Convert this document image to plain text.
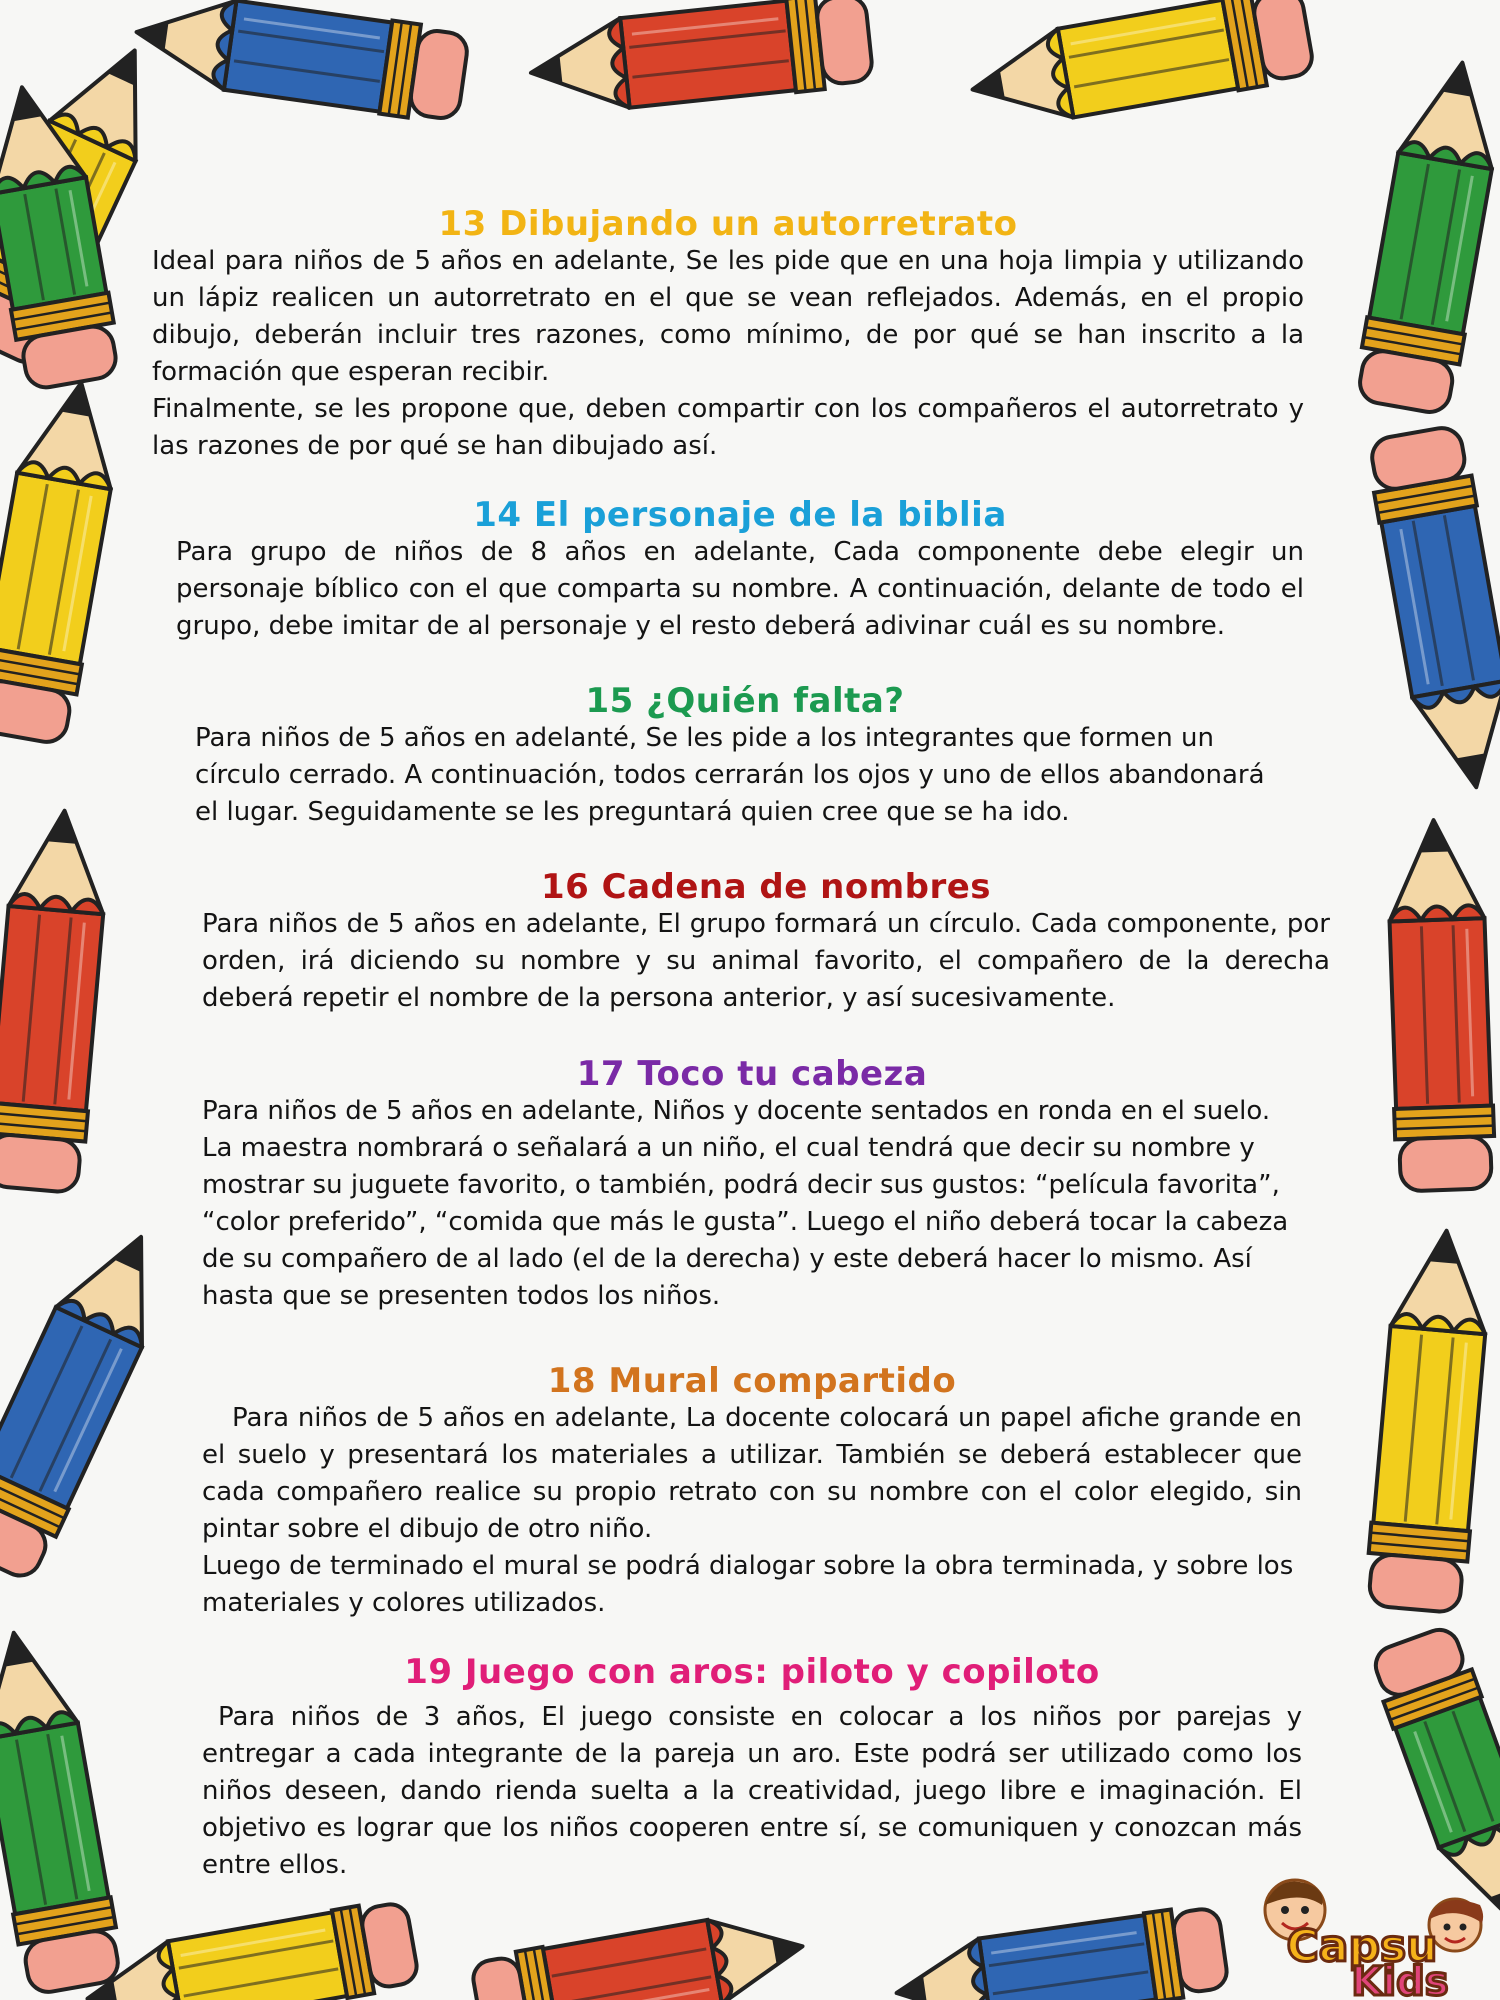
13 Dibujando un autorretrato

Ideal para niños de 5 años en adelante, Se les pide que en una hoja limpia y utilizando un lápiz realicen un autorretrato en el que se vean reflejados. Además, en el propio dibujo, deberán incluir tres razones, como mínimo, de por qué se han inscrito a la formación que esperan recibir.

Finalmente, se les propone que, deben compartir con los compañeros el autorretrato y las razones de por qué se han dibujado así.

14 El personaje de la biblia

Para grupo de niños de 8 años en adelante, Cada componente debe elegir un personaje bíblico con el que comparta su nombre. A continuación, delante de todo el grupo, debe imitar de al personaje y el resto deberá adivinar cuál es su nombre.

15 ¿Quién falta?

Para niños de 5 años en adelanté, Se les pide a los integrantes que formen un círculo cerrado. A continuación, todos cerrarán los ojos y uno de ellos abandonará el lugar. Seguidamente se les preguntará quien cree que se ha ido.

16 Cadena de nombres

Para niños de 5 años en adelante, El grupo formará un círculo. Cada componente, por orden, irá diciendo su nombre y su animal favorito, el compañero de la derecha deberá repetir el nombre de la persona anterior, y así sucesivamente.

17 Toco tu cabeza

Para niños de 5 años en adelante, Niños y docente sentados en ronda en el suelo. La maestra nombrará o señalará a un niño, el cual tendrá que decir su nombre y mostrar su juguete favorito, o también, podrá decir sus gustos: “película favorita”, “color preferido”, “comida que más le gusta”. Luego el niño deberá tocar la cabeza de su compañero de al lado (el de la derecha) y este deberá hacer lo mismo. Así hasta que se presenten todos los niños.

18 Mural compartido

Para niños de 5 años en adelante, La docente colocará un papel afiche grande en el suelo y presentará los materiales a utilizar. También se deberá establecer que cada compañero realice su propio retrato con su nombre con el color elegido, sin pintar sobre el dibujo de otro niño.

Luego de terminado el mural se podrá dialogar sobre la obra terminada, y sobre los materiales y colores utilizados.

19 Juego con aros: piloto y copiloto

Para niños de 3 años, El juego consiste en colocar a los niños por parejas y entregar a cada integrante de la pareja un aro. Este podrá ser utilizado como los niños deseen, dando rienda suelta a la creatividad, juego libre e imaginación. El objetivo es lograr que los niños cooperen entre sí, se comuniquen y conozcan más entre ellos.

Capsu
Kids
